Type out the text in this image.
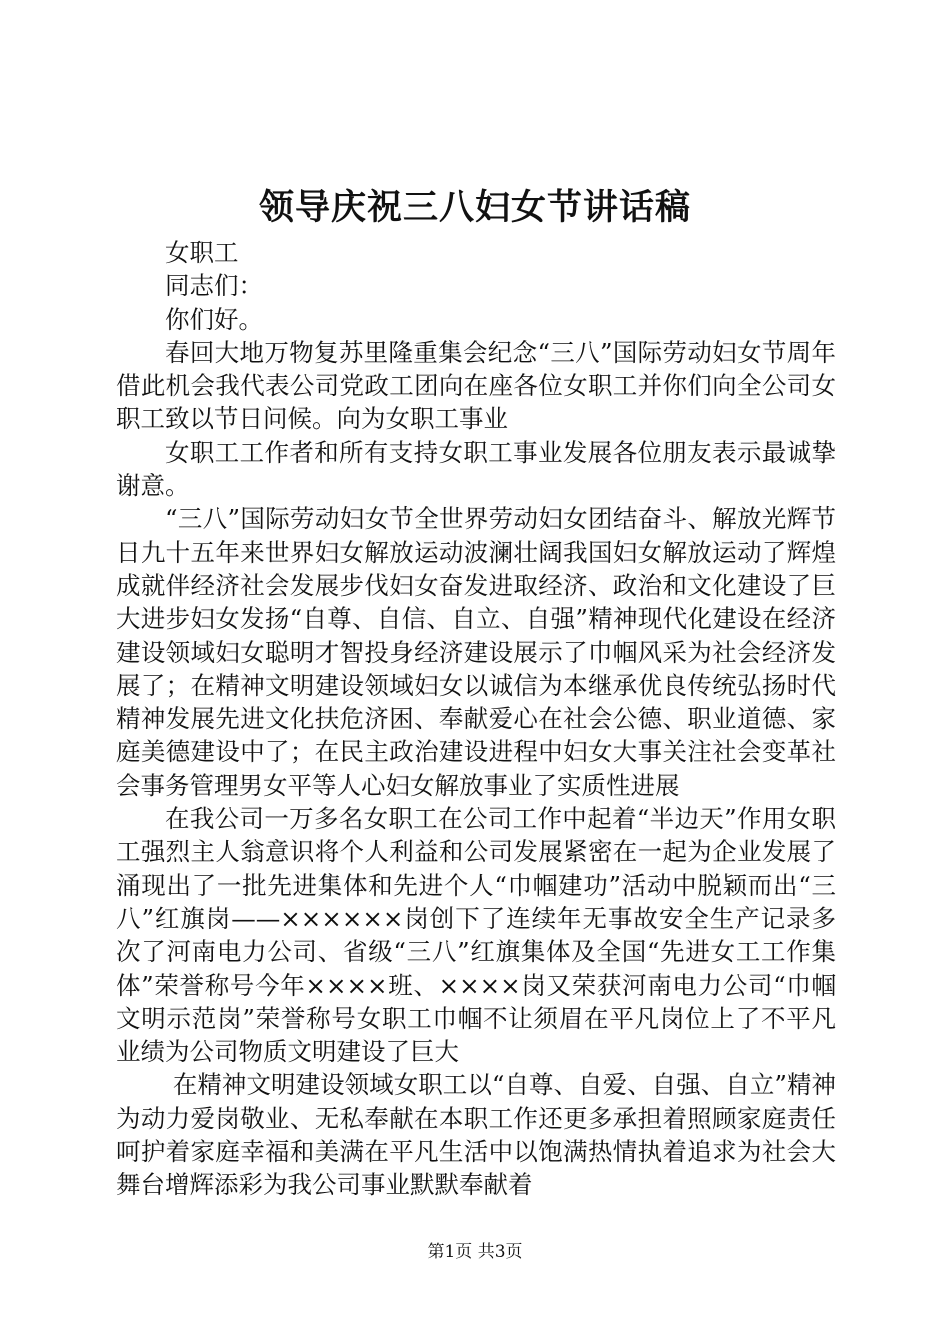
领导庆祝三八妇女节讲话稿

女职工

同志们：

你们好。

春回大地万物复苏里隆重集会纪念“三八”国际劳动妇女节周年借此机会我代表公司党政工团向在座各位女职工并你们向全公司女职工致以节日问候。向为女职工事业

女职工工作者和所有支持女职工事业发展各位朋友表示最诚挚谢意。

“三八”国际劳动妇女节全世界劳动妇女团结奋斗、解放光辉节日九十五年来世界妇女解放运动波澜壮阔我国妇女解放运动了辉煌成就伴经济社会发展步伐妇女奋发进取经济、政治和文化建设了巨大进步妇女发扬“自尊、自信、自立、自强”精神现代化建设在经济建设领域妇女聪明才智投身经济建设展示了巾帼风采为社会经济发展了；在精神文明建设领域妇女以诚信为本继承优良传统弘扬时代精神发展先进文化扶危济困、奉献爱心在社会公德、职业道德、家庭美德建设中了；在民主政治建设进程中妇女大事关注社会变革社会事务管理男女平等人心妇女解放事业了实质性进展

在我公司一万多名女职工在公司工作中起着“半边天”作用女职工强烈主人翁意识将个人利益和公司发展紧密在一起为企业发展了涌现出了一批先进集体和先进个人“巾帼建功”活动中脱颖而出“三八”红旗岗——××××××岗创下了连续年无事故安全生产记录多次了河南电力公司、省级“三八”红旗集体及全国“先进女工工作集体”荣誉称号今年××××班、××××岗又荣获河南电力公司“巾帼文明示范岗”荣誉称号女职工巾帼不让须眉在平凡岗位上了不平凡业绩为公司物质文明建设了巨大

在精神文明建设领域女职工以“自尊、自爱、自强、自立”精神为动力爱岗敬业、无私奉献在本职工作还更多承担着照顾家庭责任呵护着家庭幸福和美满在平凡生活中以饱满热情执着追求为社会大舞台增辉添彩为我公司事业默默奉献着

第1页 共3页
